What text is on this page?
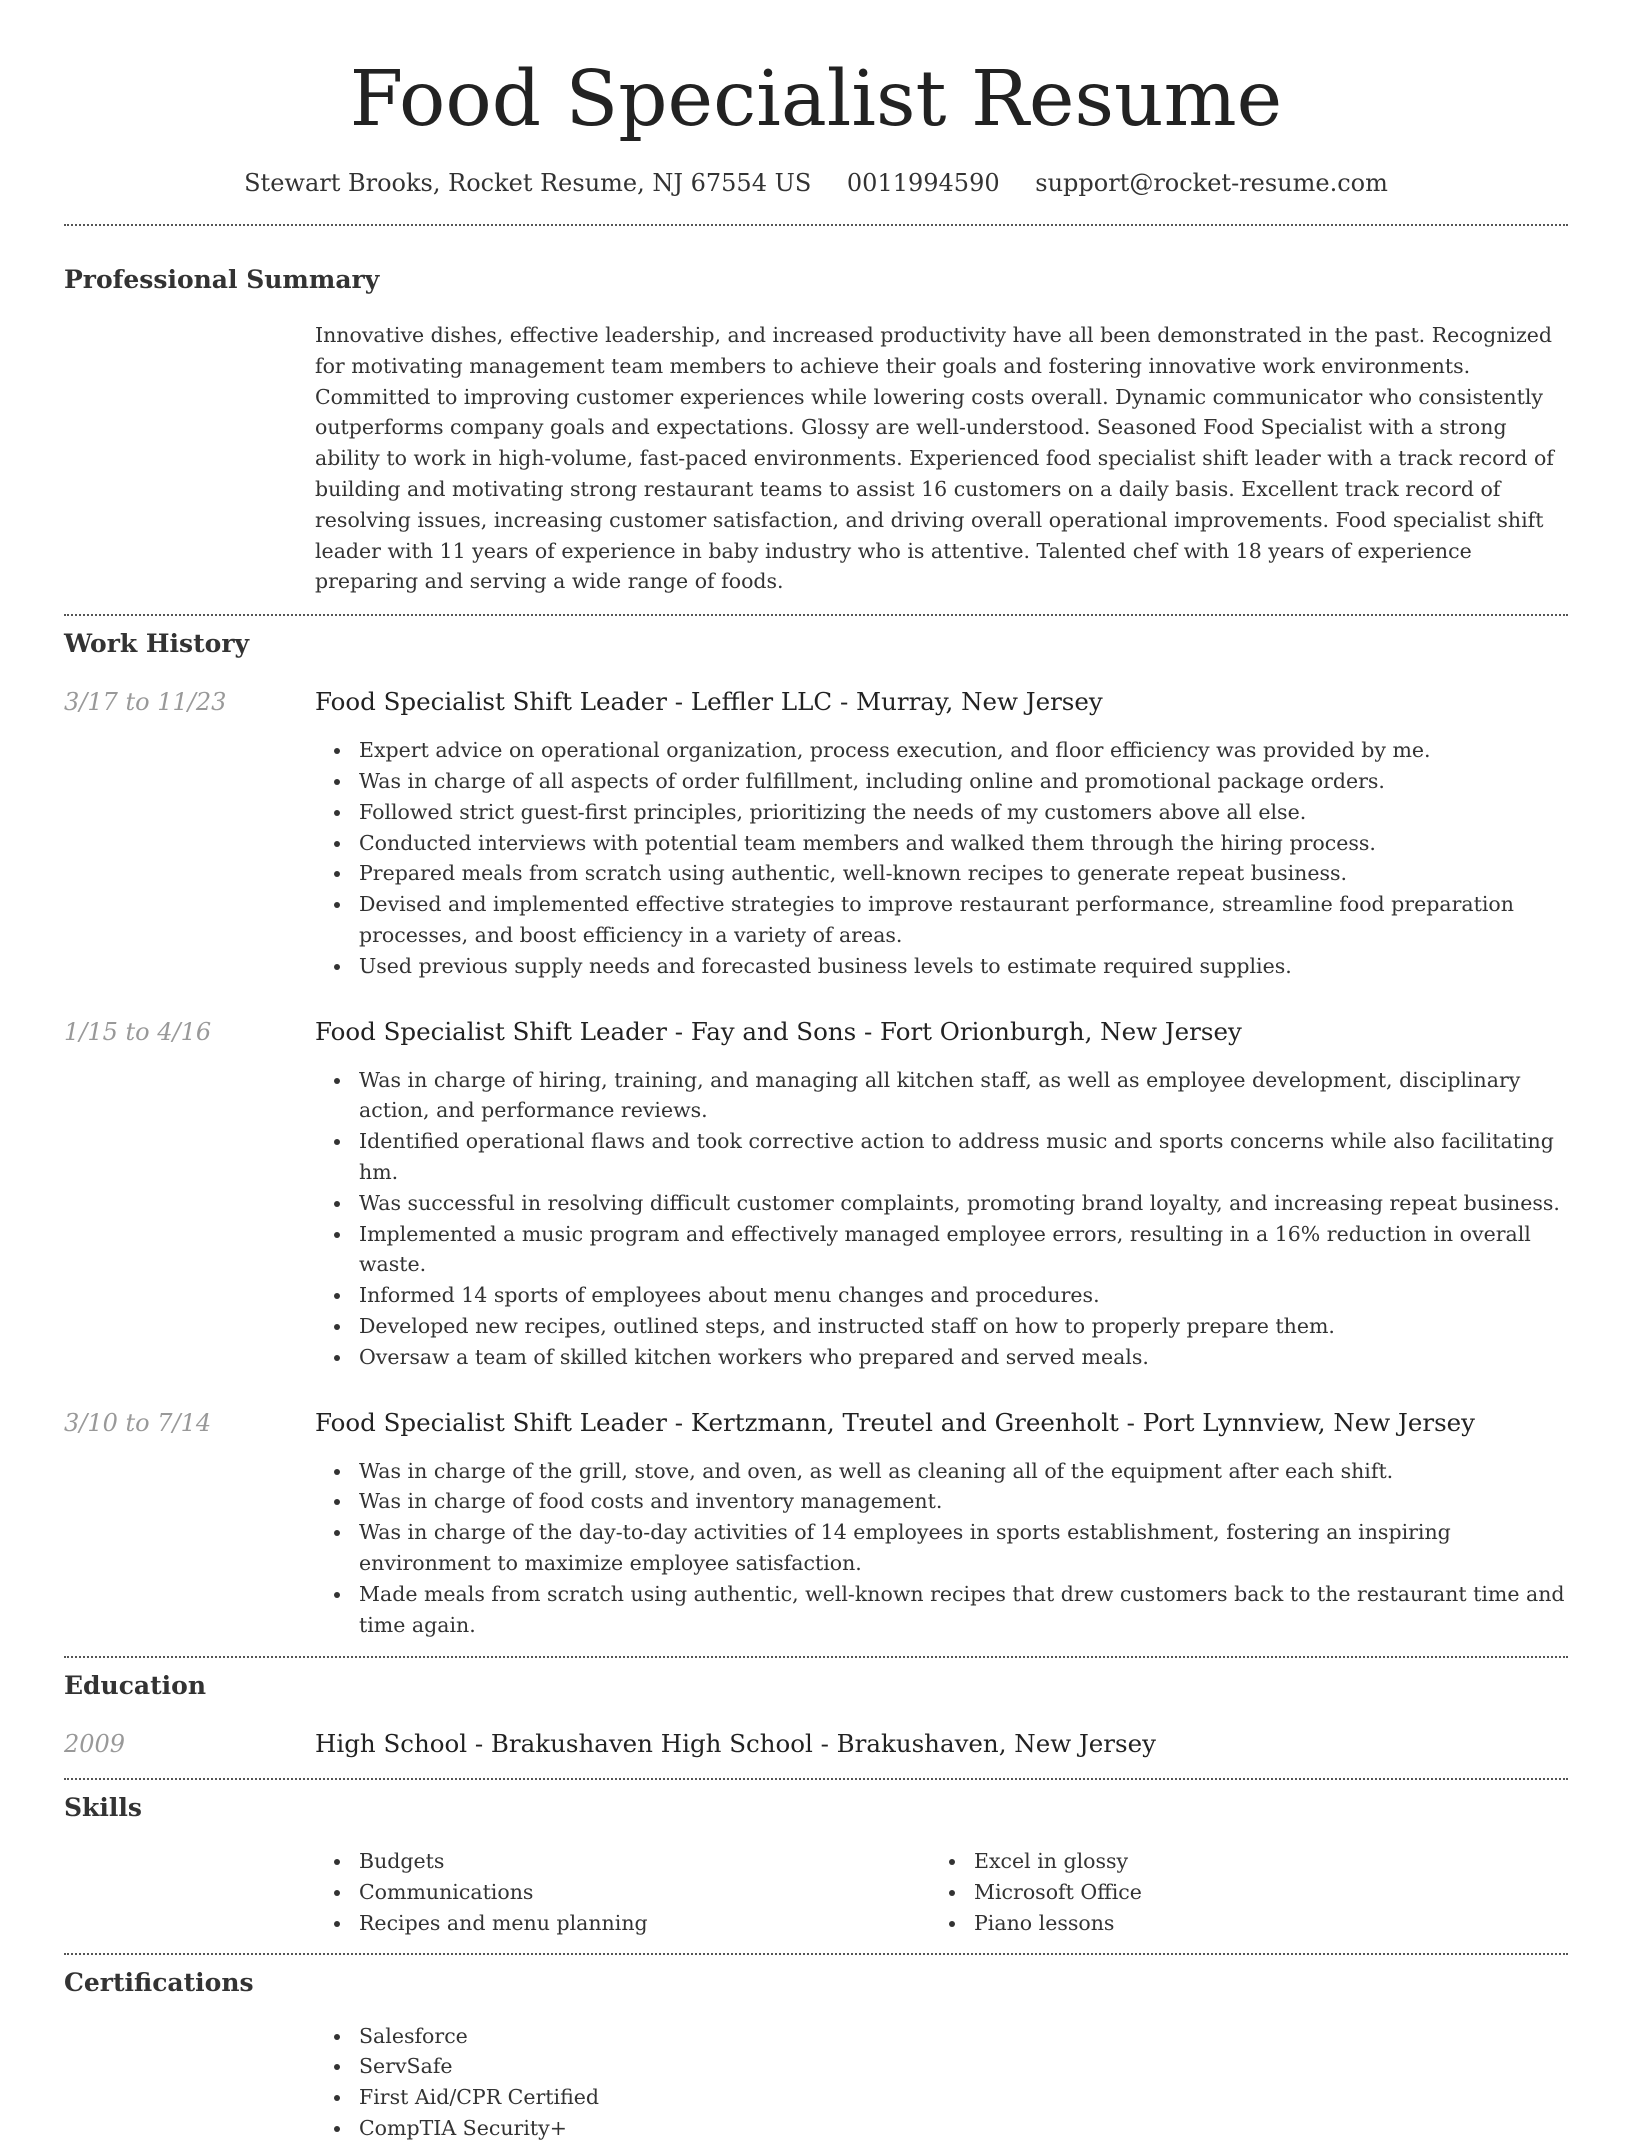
Food Specialist Resume
Stewart Brooks, Rocket Resume, NJ 67554 US 0011994590 support@rocket-resume.com
Professional Summary
Innovative dishes, effective leadership, and increased productivity have all been demonstrated in the past. Recognized for motivating management team members to achieve their goals and fostering innovative work environments. Committed to improving customer experiences while lowering costs overall. Dynamic communicator who consistently outperforms company goals and expectations. Glossy are well-understood. Seasoned Food Specialist with a strong ability to work in high-volume, fast-paced environments. Experienced food specialist shift leader with a track record of building and motivating strong restaurant teams to assist 16 customers on a daily basis. Excellent track record of resolving issues, increasing customer satisfaction, and driving overall operational improvements. Food specialist shift leader with 11 years of experience in baby industry who is attentive. Talented chef with 18 years of experience preparing and serving a wide range of foods.
Work History
3/17 to 11/23	Food Specialist Shift Leader - Leffler LLC - Murray, New Jersey
Expert advice on operational organization, process execution, and floor efficiency was provided by me.
Was in charge of all aspects of order fulfillment, including online and promotional package orders.
Followed strict guest-first principles, prioritizing the needs of my customers above all else.
Conducted interviews with potential team members and walked them through the hiring process.
Prepared meals from scratch using authentic, well-known recipes to generate repeat business.
Devised and implemented effective strategies to improve restaurant performance, streamline food preparation processes, and boost efficiency in a variety of areas.
Used previous supply needs and forecasted business levels to estimate required supplies.
1/15 to 4/16	Food Specialist Shift Leader - Fay and Sons - Fort Orionburgh, New Jersey
Was in charge of hiring, training, and managing all kitchen staff, as well as employee development, disciplinary action, and performance reviews.
Identified operational flaws and took corrective action to address music and sports concerns while also facilitating hm.
Was successful in resolving difficult customer complaints, promoting brand loyalty, and increasing repeat business.
Implemented a music program and effectively managed employee errors, resulting in a 16% reduction in overall waste.
Informed 14 sports of employees about menu changes and procedures.
Developed new recipes, outlined steps, and instructed staff on how to properly prepare them.
Oversaw a team of skilled kitchen workers who prepared and served meals.
3/10 to 7/14	Food Specialist Shift Leader - Kertzmann, Treutel and Greenholt - Port Lynnview, New Jersey
Was in charge of the grill, stove, and oven, as well as cleaning all of the equipment after each shift.
Was in charge of food costs and inventory management.
Was in charge of the day-to-day activities of 14 employees in sports establishment, fostering an inspiring environment to maximize employee satisfaction.
Made meals from scratch using authentic, well-known recipes that drew customers back to the restaurant time and time again.
Education
2009	High School - Brakushaven High School - Brakushaven, New Jersey
Skills
Budgets
Communications
Recipes and menu planning
Excel in glossy
Microsoft Office
Piano lessons
Certifications
Salesforce
ServSafe
First Aid/CPR Certified
CompTIA Security+
